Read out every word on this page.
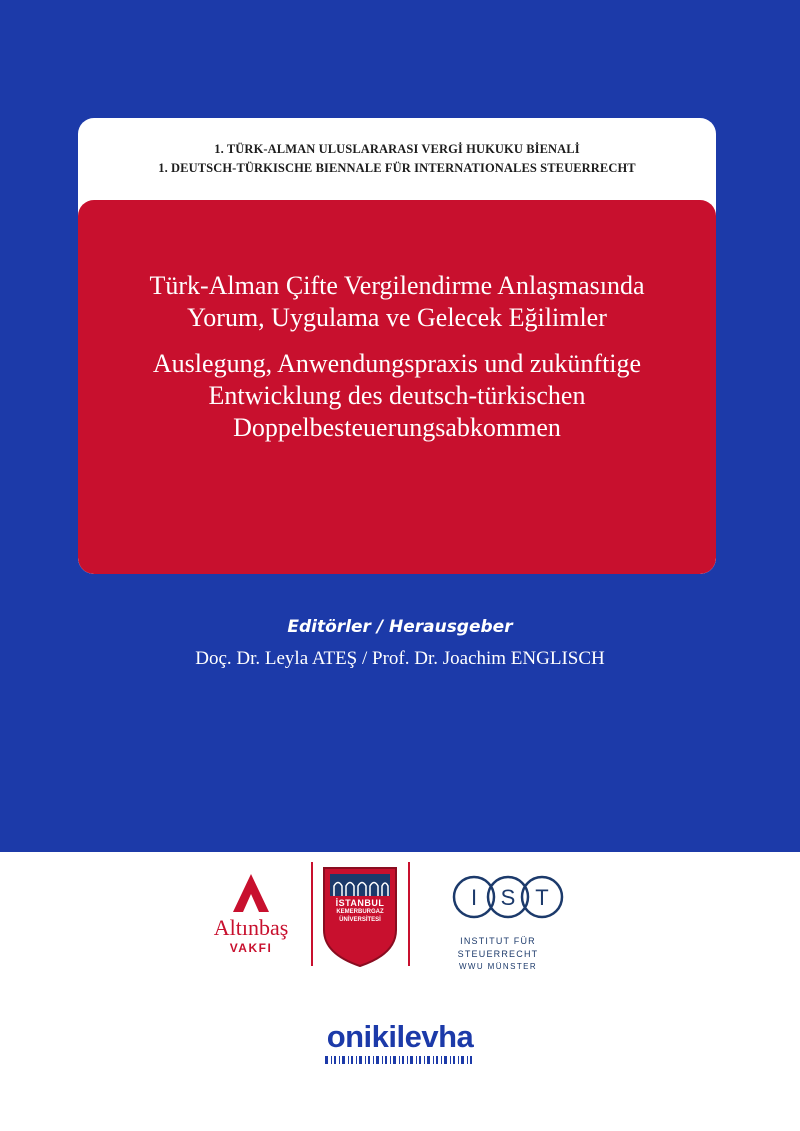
1. TÜRK-ALMAN ULUSLARARASI VERGİ HUKUKU BİENALİ
1. DEUTSCH-TÜRKISCHE BIENNALE FÜR INTERNATIONALES STEUERRECHT
Türk-Alman Çifte Vergilendirme Anlaşmasında
Yorum, Uygulama ve Gelecek Eğilimler
Auslegung, Anwendungspraxis und zukünftige
Entwicklung des deutsch-türkischen
Doppelbesteuerungsabkommen
Editörler / Herausgeber
Doç. Dr. Leyla ATEŞ / Prof. Dr. Joachim ENGLISCH
Altınbaş
VAKFI
İSTANBUL
KEMERBURGAZ
ÜNİVERSİTESİ
I S T
INSTITUT FÜR STEUERRECHT
WWU MÜNSTER
onikilevha
